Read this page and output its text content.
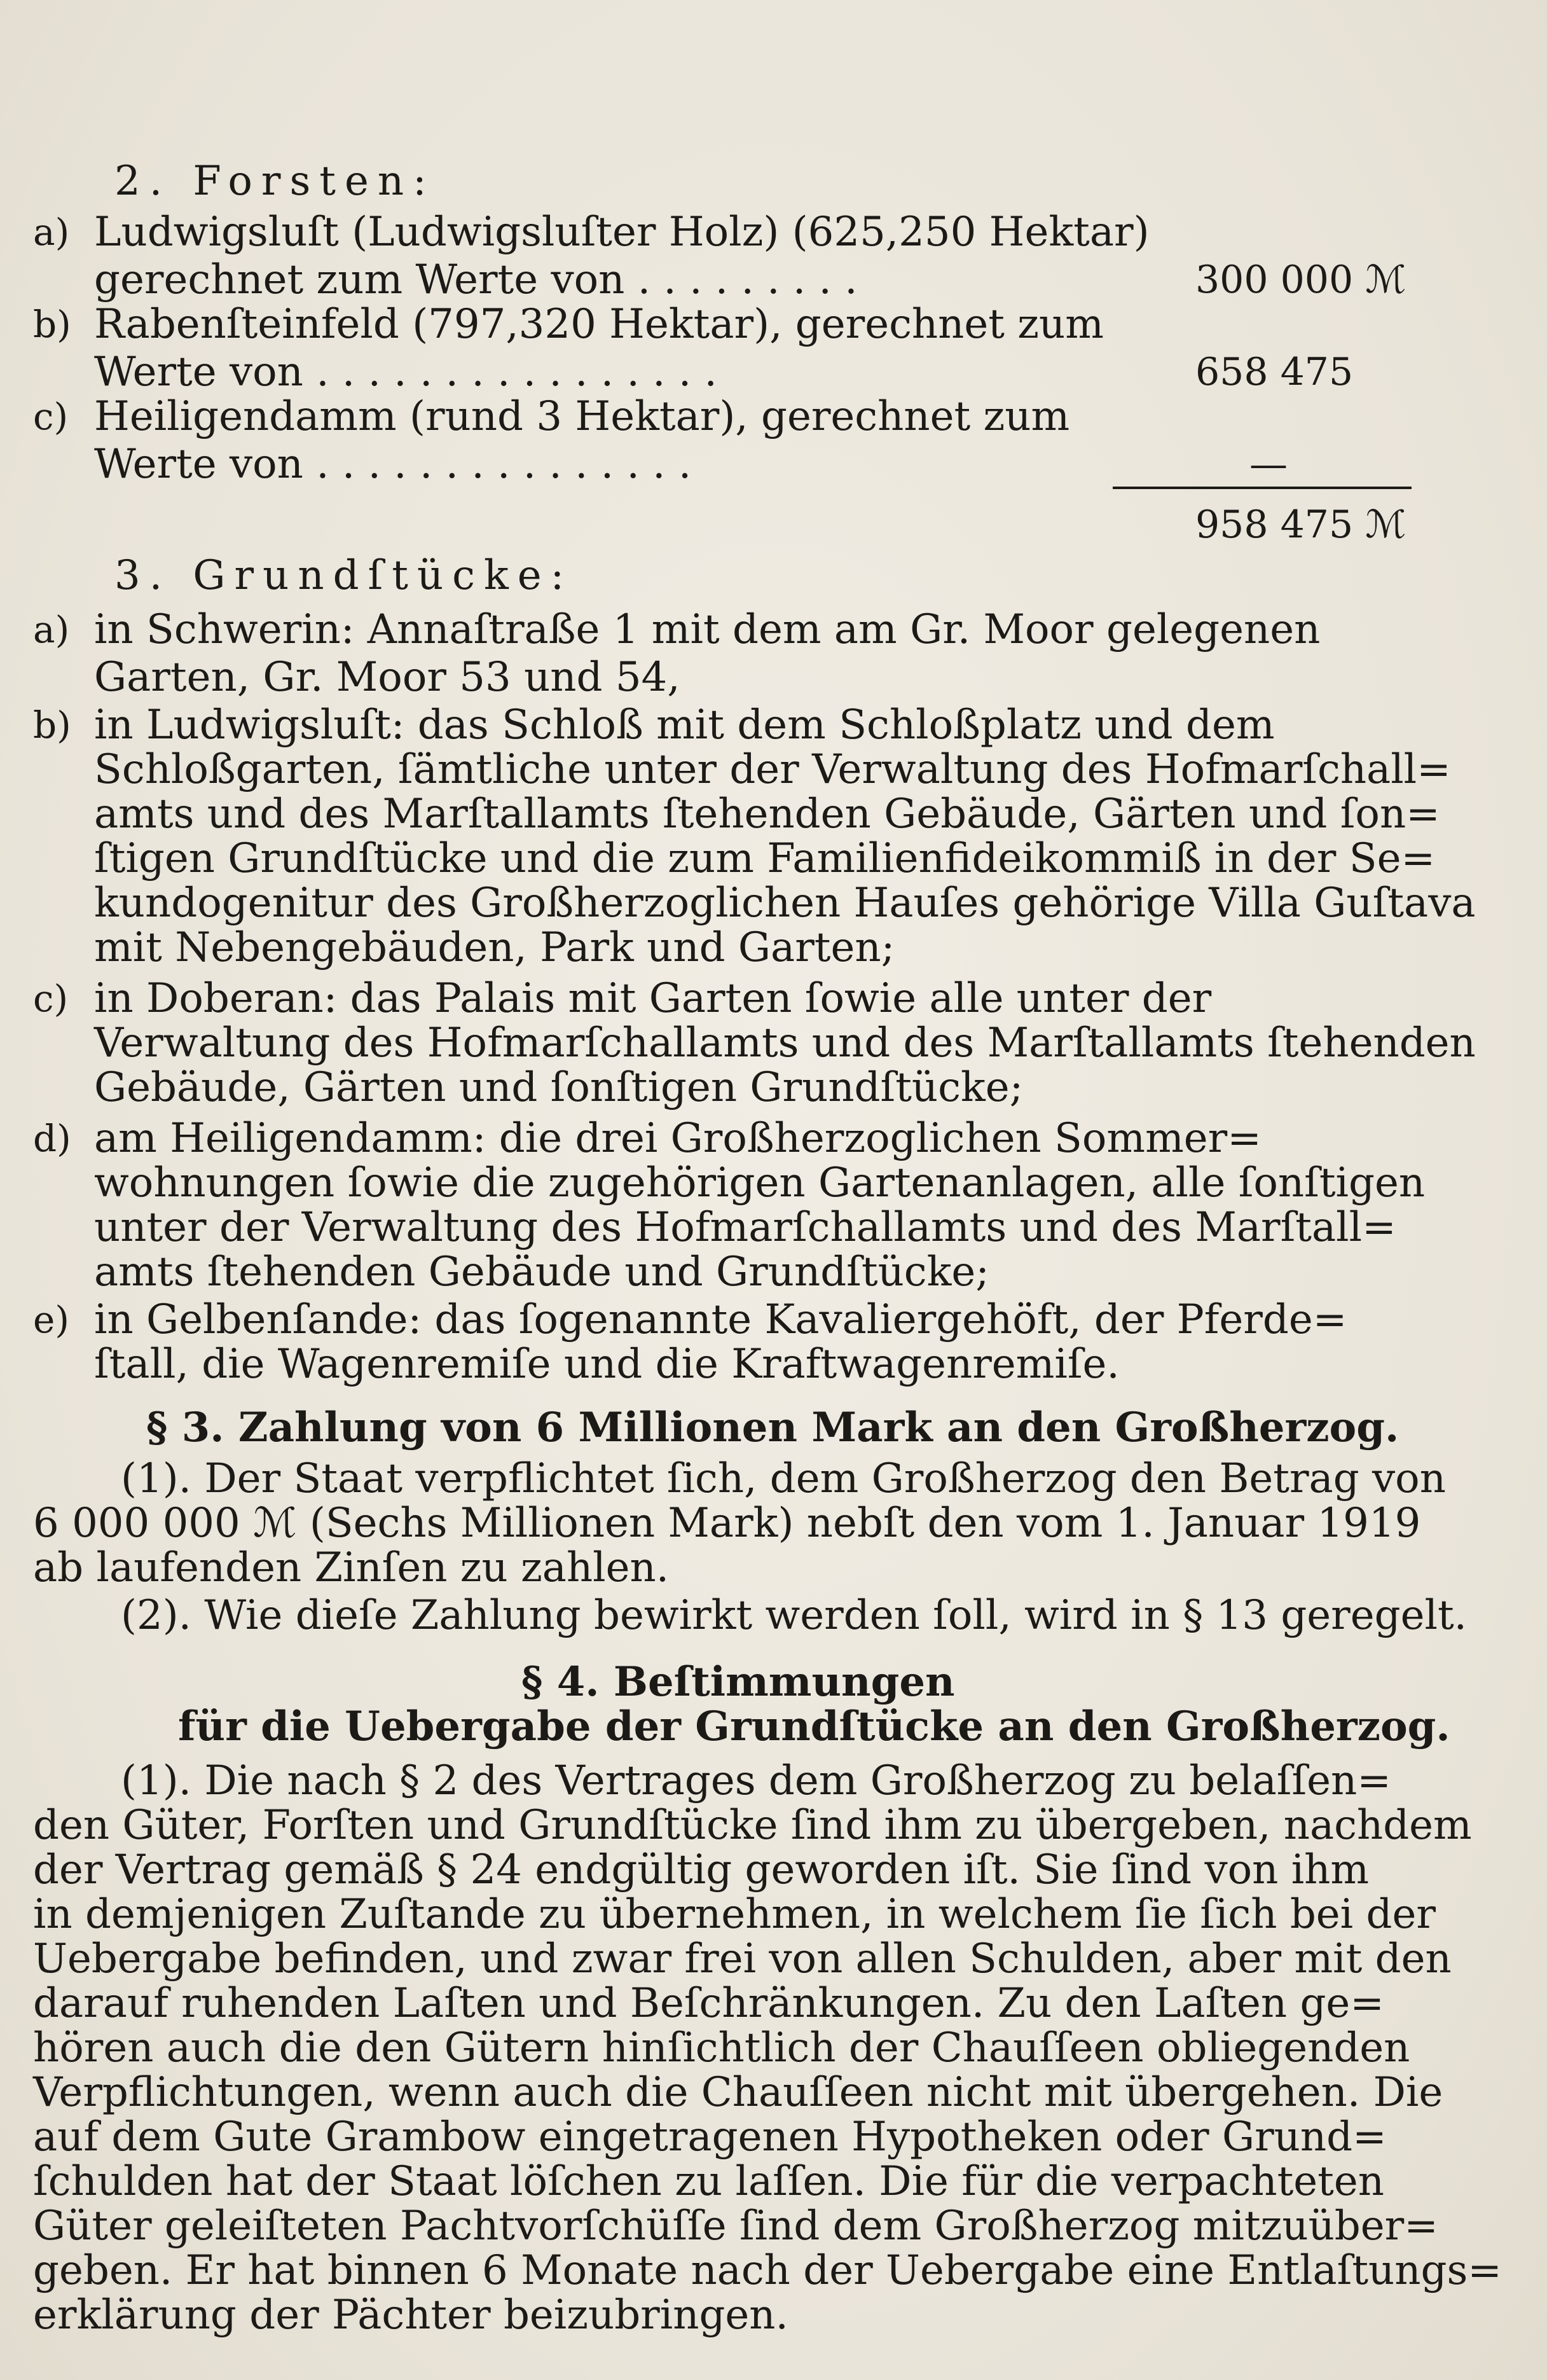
2. Forsten:
a) Ludwigsluſt (Ludwigsluſter Holz) (625,250 Hektar)
gerechnet zum Werte von . . . . . . . . .	300 000 ℳ
b) Rabenſteinfeld (797,320 Hektar), gerechnet zum
Werte von . . . . . . . . . . . . . . . .	658 475
c) Heiligendamm (rund 3 Hektar), gerechnet zum
Werte von . . . . . . . . . . . . . . .	—
958 475 ℳ
3. Grundſtücke:
a) in Schwerin: Annaſtraße 1 mit dem am Gr. Moor gelegenen
Garten, Gr. Moor 53 und 54,
b) in Ludwigsluſt: das Schloß mit dem Schloßplatz und dem
Schloßgarten, ſämtliche unter der Verwaltung des Hofmarſchall=
amts und des Marſtallamts ſtehenden Gebäude, Gärten und ſon=
ſtigen Grundſtücke und die zum Familienfideikommiß in der Se=
kundogenitur des Großherzoglichen Hauſes gehörige Villa Guſtava
mit Nebengebäuden, Park und Garten;
c) in Doberan: das Palais mit Garten ſowie alle unter der
Verwaltung des Hofmarſchallamts und des Marſtallamts ſtehenden
Gebäude, Gärten und ſonſtigen Grundſtücke;
d) am Heiligendamm: die drei Großherzoglichen Sommer=
wohnungen ſowie die zugehörigen Gartenanlagen, alle ſonſtigen
unter der Verwaltung des Hofmarſchallamts und des Marſtall=
amts ſtehenden Gebäude und Grundſtücke;
e) in Gelbenſande: das ſogenannte Kavaliergehöft, der Pferde=
ſtall, die Wagenremiſe und die Kraftwagenremiſe.
§ 3. Zahlung von 6 Millionen Mark an den Großherzog.
(1). Der Staat verpflichtet ſich, dem Großherzog den Betrag von
6 000 000 ℳ (Sechs Millionen Mark) nebſt den vom 1. Januar 1919
ab laufenden Zinſen zu zahlen.
(2). Wie dieſe Zahlung bewirkt werden ſoll, wird in § 13 geregelt.
§ 4. Beſtimmungen
für die Uebergabe der Grundſtücke an den Großherzog.
(1). Die nach § 2 des Vertrages dem Großherzog zu belaſſen=
den Güter, Forſten und Grundſtücke ſind ihm zu übergeben, nachdem
der Vertrag gemäß § 24 endgültig geworden iſt. Sie ſind von ihm
in demjenigen Zuſtande zu übernehmen, in welchem ſie ſich bei der
Uebergabe befinden, und zwar frei von allen Schulden, aber mit den
darauf ruhenden Laſten und Beſchränkungen. Zu den Laſten ge=
hören auch die den Gütern hinſichtlich der Chauſſeen obliegenden
Verpflichtungen, wenn auch die Chauſſeen nicht mit übergehen. Die
auf dem Gute Grambow eingetragenen Hypotheken oder Grund=
ſchulden hat der Staat löſchen zu laſſen. Die für die verpachteten
Güter geleiſteten Pachtvorſchüſſe ſind dem Großherzog mitzuüber=
geben. Er hat binnen 6 Monate nach der Uebergabe eine Entlaſtungs=
erklärung der Pächter beizubringen.
